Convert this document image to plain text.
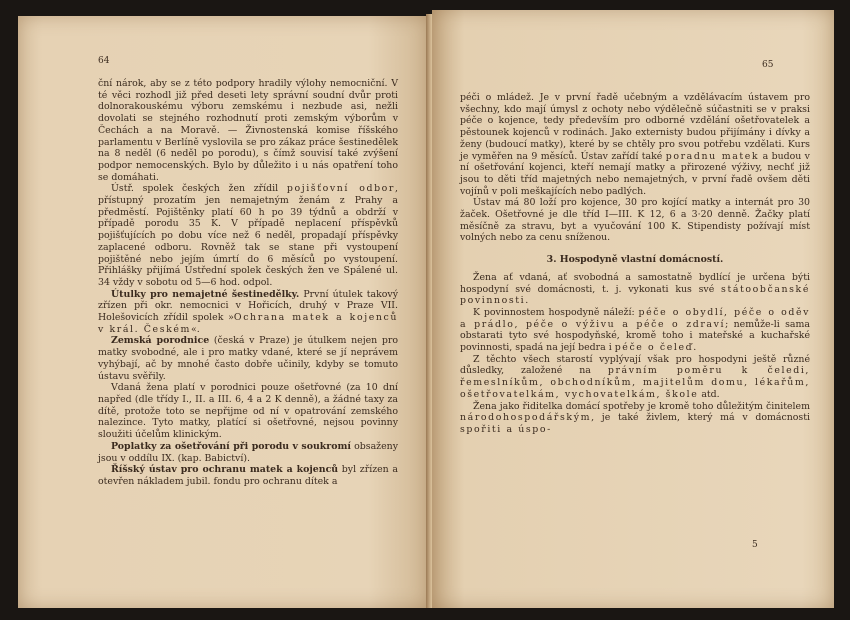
64

ční nárok, aby se z této podpory hradily výlohy nemocniční. V té věci rozhodl již před deseti lety správní soudní dvůr proti dolnorakouskému výboru zemskému i nezbude asi, nežli dovolati se stejného rozhodnutí proti zemským výborům v Čechách a na Moravě. — Živnostenská komise říšského parlamentu v Berlíně vyslovila se pro zákaz práce šestinedělek na 8 neděl (6 neděl po porodu), s čímž souvisí také zvýšení podpor nemocenských. Bylo by důležito i u nás opatření toho se domáhati.

Ústř. spolek českých žen zřídil pojišťovní odbor, přístupný prozatím jen nemajetným ženám z Prahy a předměstí. Pojištěnky platí 60 h po 39 týdnů a obdrží v případě porodu 35 K. V případě neplacení příspěvků pojišťujících po dobu více než 6 neděl, propadají příspěvky zaplacené odboru. Rovněž tak se stane při vystoupení pojištěné nebo jejím úmrtí do 6 měsíců po vystoupení. Přihlášky přijímá Ústřední spolek českých žen ve Spálené ul. 34 vždy v sobotu od 5—6 hod. odpol.

Útulky pro nemajetné šestinedělky. První útulek takový zřízen při okr. nemocnici v Hořicích, druhý v Praze VII. Holešovicích zřídil spolek »Ochrana matek a kojenců v král. Českém«.

Zemská porodnice (česká v Praze) je útulkem nejen pro matky svobodné, ale i pro matky vdané, které se jí neprávem vyhýbají, ač by mnohé často dobře učinily, kdyby se tomuto ústavu svěřily.

Vdaná žena platí v porodnici pouze ošetřovné (za 10 dní napřed (dle třídy I., II. a III. 6, 4 a 2 K denně), a žádné taxy za dítě, protože toto se nepřijme od ní v opatrování zemského nalezince. Tyto matky, platící si ošetřovné, nejsou povinny sloužiti účelům klinickým.

Poplatky za ošetřování při porodu v soukromí obsaženy jsou v oddílu IX. (kap. Babictví).

Říšský ústav pro ochranu matek a kojenců byl zřízen a otevřen nákladem jubil. fondu pro ochranu dítek a

65

péči o mládež. Je v první řadě učebným a vzdělávacím ústavem pro všechny, kdo mají úmysl z ochoty nebo výdělečně súčastniti se v praksi péče o kojence, tedy především pro odborné vzdělání ošetřovatelek a pěstounek kojenců v rodinách. Jako externisty budou přijímány i dívky a ženy (budoucí matky), které by se chtěly pro svou potřebu vzdělati. Kurs je vyměřen na 9 měsíců. Ústav zařídí také poradnu matek a budou v ní ošetřování kojenci, kteří nemají matky a přirozené výživy, nechť již jsou to děti tříd majetných nebo nemajetných, v první řadě ovšem děti vojínů v poli meškajících nebo padlých.

Ústav má 80 loží pro kojence, 30 pro kojící matky a internát pro 30 žaček. Ošetřovné je dle tříd I—III. K 12, 6 a 3·20 denně. Žačky platí měsíčně za stravu, byt a vyučování 100 K. Stipendisty požívají míst volných nebo za cenu sníženou.

3. Hospodyně vlastní domácností.

Žena ať vdaná, ať svobodná a samostatně bydlící je určena býti hospodyní své domácnosti, t. j. vykonati kus své státoobčanské povinnosti.

K povinnostem hospodyně náleží: péče o obydlí, péče o oděv a prádlo, péče o výživu a péče o zdraví; nemůže-li sama obstarati tyto své hospodyňské, kromě toho i mateřské a kuchařské povinnosti, spadá na její bedra i péče o čeleď.

Z těchto všech starostí vyplývají však pro hospodyni ještě různé důsledky, založené na právním poměru k čeledi, řemeslníkům, obchodníkům, majitelům domu, lékařům, ošetřovatelkám, vychovatelkám, škole atd.

Žena jako řiditelka domácí spotřeby je kromě toho důležitým činitelem národohospodářským, je také živlem, který má v domácnosti spořiti a úspo-

5
